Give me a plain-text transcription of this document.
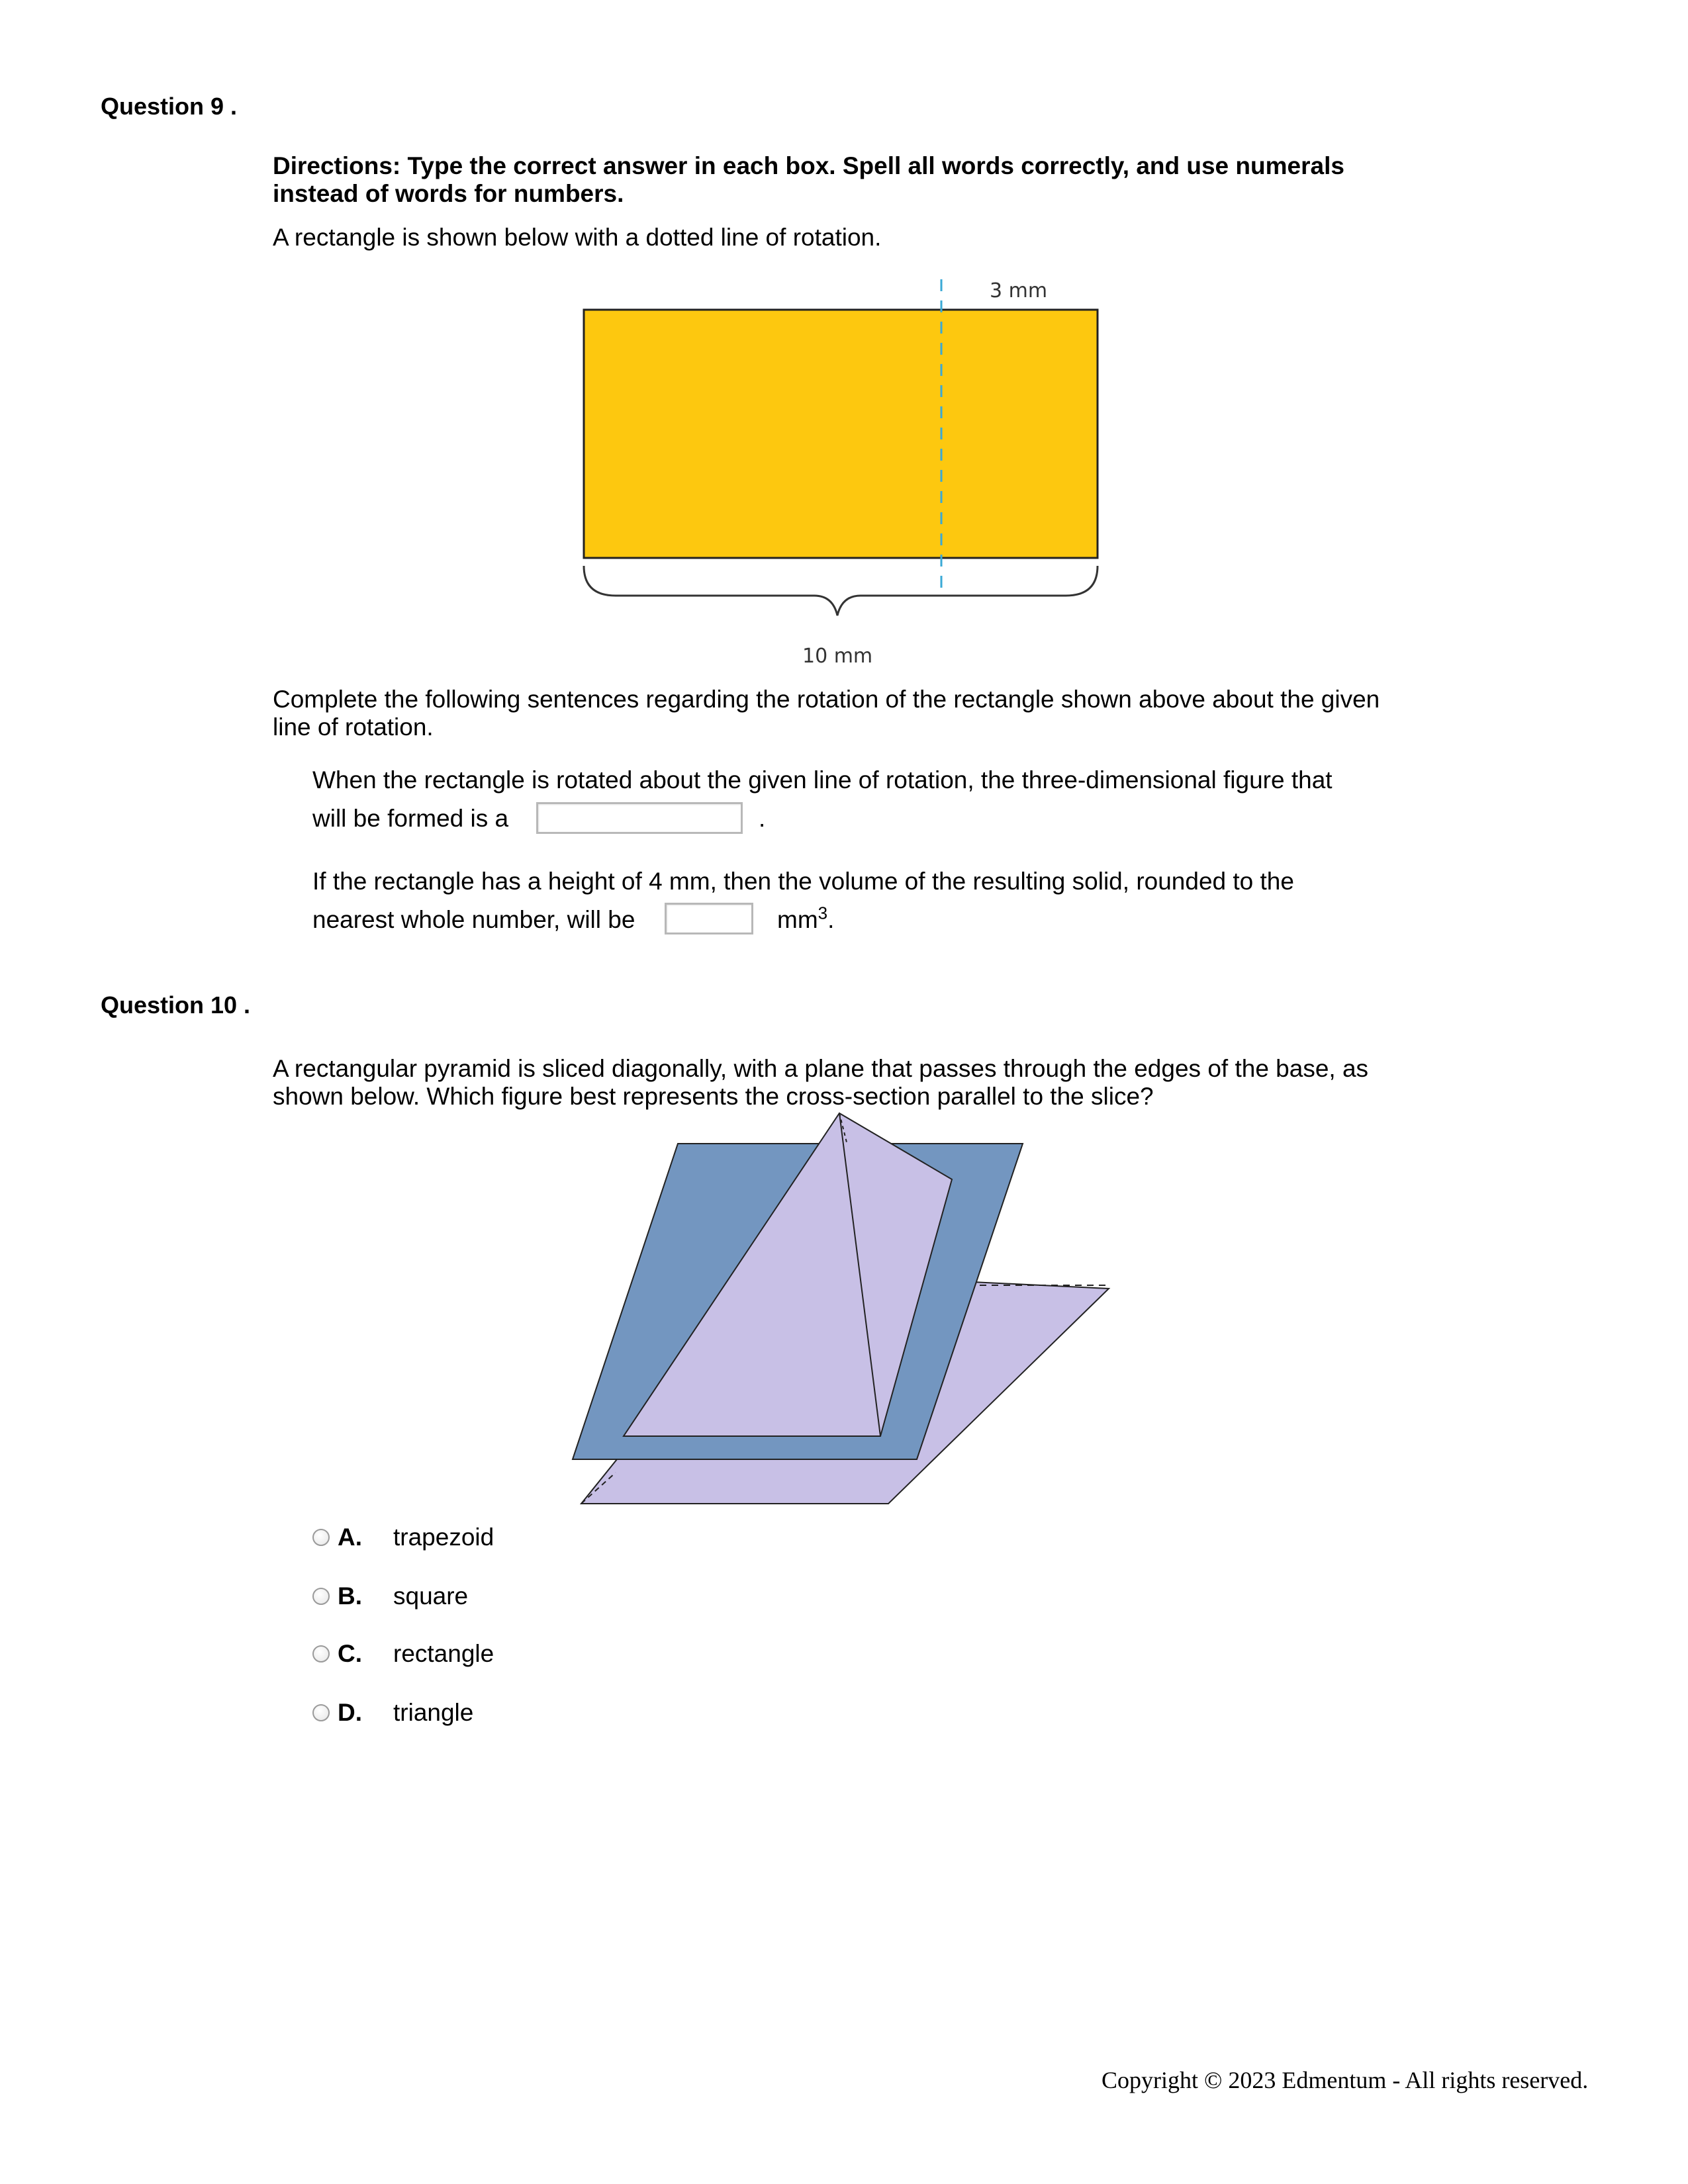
Question 9 .
Directions: Type the correct answer in each box. Spell all words correctly, and use numerals instead of words for numbers.
A rectangle is shown below with a dotted line of rotation.
3 mm
10 mm
Complete the following sentences regarding the rotation of the rectangle shown above about the given line of rotation.
When the rectangle is rotated about the given line of rotation, the three-dimensional figure that
will be formed is a	.
If the rectangle has a height of 4 mm, then the volume of the resulting solid, rounded to the
nearest whole number, will be	$mm^3$.
Question 10 .
A rectangular pyramid is sliced diagonally, with a plane that passes through the edges of the base, as shown below. Which figure best represents the cross-section parallel to the slice?
A. trapezoid
B. square
C. rectangle
D. triangle
Copyright © 2023 Edmentum - All rights reserved.
